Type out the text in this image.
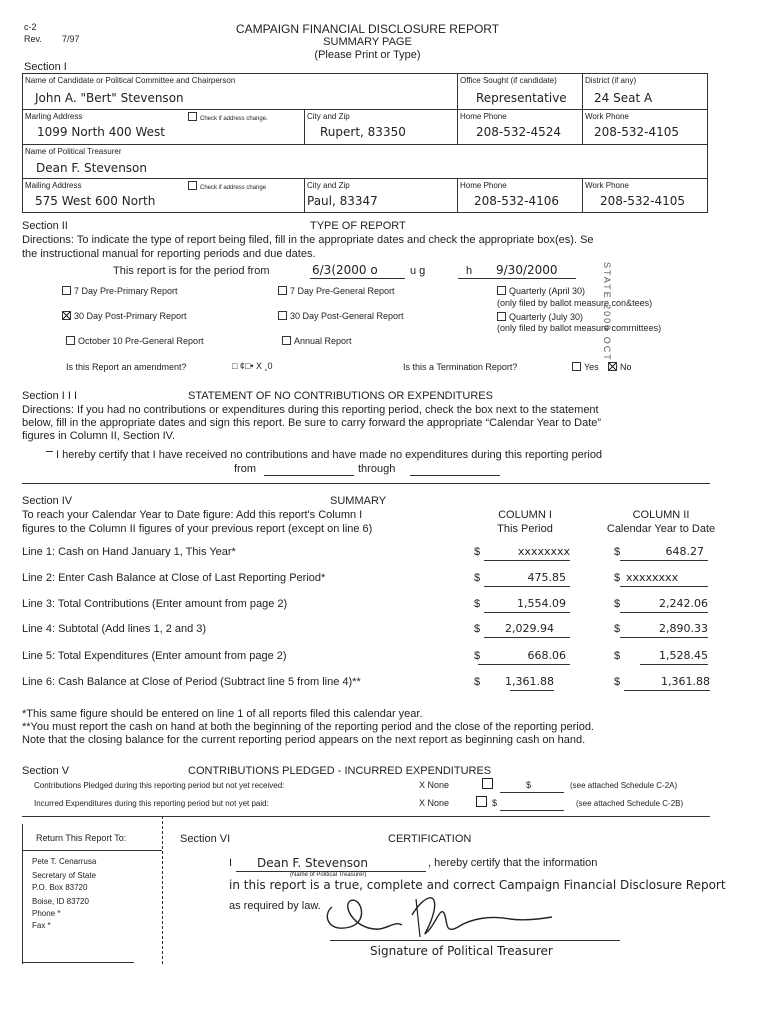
c-2
Rev. 7/97
CAMPAIGN FINANCIAL DISCLOSURE REPORT
SUMMARY PAGE
(Please Print or Type)
Section I
Name of Candidate or Political Committee and Chairperson
John A. "Bert" Stevenson
Office Sought (if candidate)
Representative
District (if any)
24 Seat A
Marling Address	Check if address change.
1099 North 400 West
City and Zip
Rupert, 83350
Home Phone
208-532-4524
Work Phone
208-532-4105
Name of Political Treasurer
Dean F. Stevenson
Mailing Address	Check if address change
575 West 600 North
City and Zip
Paul, 83347
Home Phone
208-532-4106
Work Phone
208-532-4105
Section II	TYPE OF REPORT
Directions: To indicate the type of report being filed, fill in the appropriate dates and check the appropriate box(es). Se
the instructional manual for reporting periods and due dates.
This report is for the period from	6/3(2000 o	u g	h 9/30/2000
7 Day Pre-Primary Report	7 Day Pre-General Report	Quarterly (April 30)
(only filed by ballot measure con&tees)
30 Day Post-Primary Report	30 Day Post-General Report	Quarterly (July 30)
(only filed by ballot measure comrnittees)
October 10 Pre-General Report	Annual Report
Is this Report an amendment?	□ ¢□• X ¸0	Is this a Termination Report?	Yes	No
STATE 2000 OCT
Section I I I	STATEMENT OF NO CONTRIBUTIONS OR EXPENDITURES
Directions: If you had no contributions or expenditures during this reporting period, check the box next to the statement
below, fill in the appropriate dates and sign this report. Be sure to carry forward the appropriate “Calendar Year to Date”
figures in Column II, Section IV.
I hereby certify that I have received no contributions and have made no expenditures during this reporting period
from	through
Section IV	SUMMARY
To reach your Calendar Year to Date figure: Add this report's Column I
figures to the Column II figures of your previous report (except on line 6)
COLUMN I
This Period
COLUMN II
Calendar Year to Date
Line 1: Cash on Hand January 1, This Year*	$	xxxxxxxx	$	648.27
Line 2: Enter Cash Balance at Close of Last Reporting Period*	$	475.85	$ xxxxxxxx
Line 3: Total Contributions (Enter amount from page 2)	$	1,554.09	$	2,242.06
Line 4: Subtotal (Add lines 1, 2 and 3)	$	2,029.94	$	2,890.33
Line 5: Total Expenditures (Enter amount from page 2)	$	668.06	$	1,528.45
Line 6: Cash Balance at Close of Period (Subtract line 5 from line 4)**	$	1,361.88	$	1,361.88
*This same figure should be entered on line 1 of all reports filed this calendar year.
**You must report the cash on hand at both the beginning of the reporting period and the close of the reporting period.
Note that the closing balance for the current reporting period appears on the next report as beginning cash on hand.
Section V	CONTRIBUTIONS PLEDGED - INCURRED EXPENDITURES
Contributions Pledged during this reporting period but not yet received:	X None	$	(see attached Schedule C-2A)
Incurred Expenditures during this reporting period but not yet paid:	X None	$	(see attached Schedule C-2B)
Return This Report To:
Pete T. Cenarrusa
Secretary of State
P.O. Box 83720
Boise, ID 83720
Phone *
Fax *
Section VI	CERTIFICATION
I Dean F. Stevenson
(Name of Political Treasurer)
, hereby certify that the information
in this report is a true, complete and correct Campaign Financial Disclosure Report
as required by law.
Signature of Political Treasurer
